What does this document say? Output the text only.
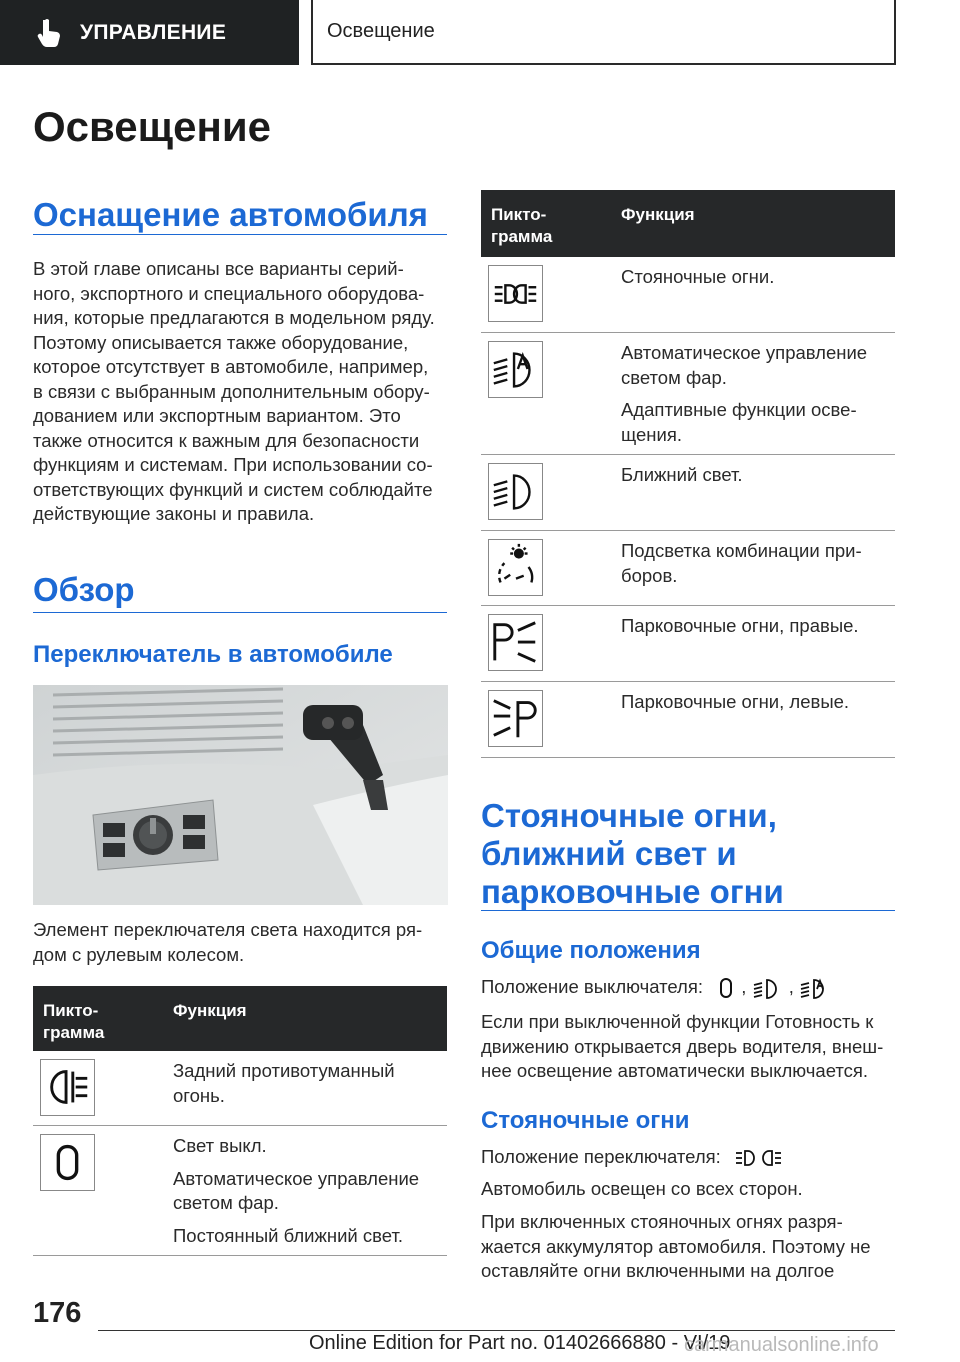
УПРАВЛЕНИЕ	Освещение
Освещение
Оснащение автомобиля
В этой главе описаны все варианты серий-
ного, экспортного и специального оборудова-
ния, которые предлагаются в модельном ряду.
Поэтому описывается также оборудование,
которое отсутствует в автомобиле, например,
в связи с выбранным дополнительным обору-
дованием или экспортным вариантом. Это
также относится к важным для безопасности
функциям и системам. При использовании со-
ответствующих функций и систем соблюдайте
действующие законы и правила.
Обзор
Переключатель в автомобиле
Элемент переключателя света находится ря-
дом с рулевым колесом.
Пикто-
грамма
Функция

Задний противотуманный
огонь.

Свет выкл.

Автоматическое управление
светом фар.

Постоянный ближний свет.

Пикто-
грамма
Функция

Стояночные огни.

Автоматическое управление
светом фар.

Адаптивные функции осве-
щения.

Ближний свет.

Подсветка комбинации при-
боров.

Парковочные огни, правые.

Парковочные огни, левые.

Стояночные огни,
ближний свет и
парковочные огни
Общие положения
Положение выключателя:  ,  ,
Если при выключенной функции Готовность к
движению открывается дверь водителя, внеш-
нее освещение автоматически выключается.
Стояночные огни
Положение переключателя:
Автомобиль освещен со всех сторон.
При включенных стояночных огнях разря-
жается аккумулятор автомобиля. Поэтому не
оставляйте огни включенными на долгое
176
Online Edition for Part no. 01402666880 - VI/19
carmanualsonline.info
